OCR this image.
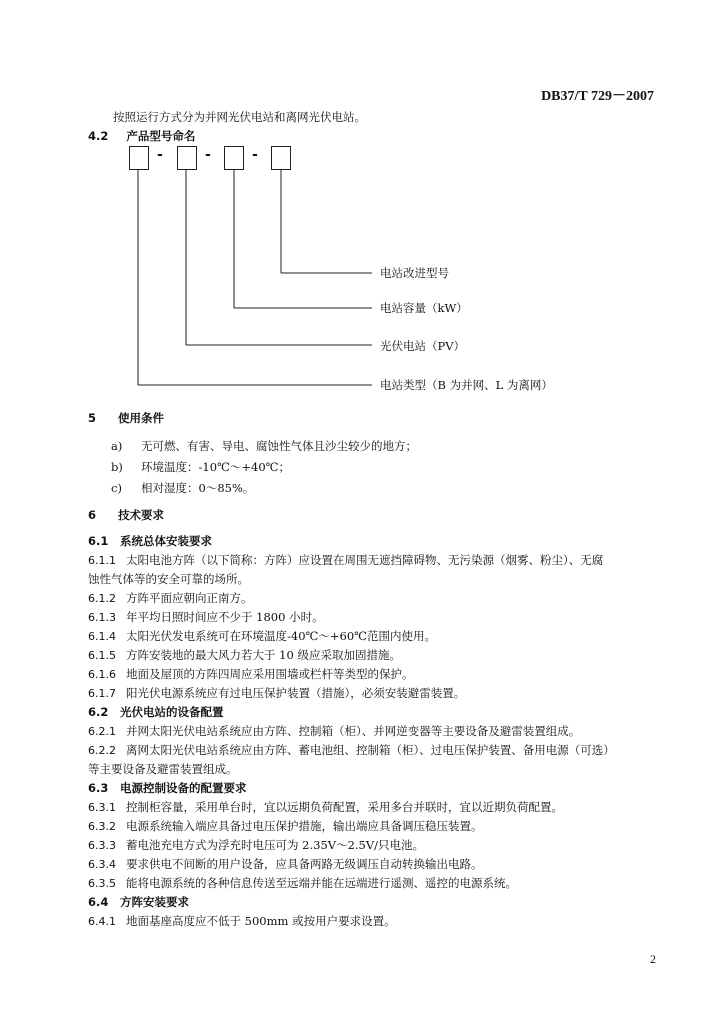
DB37/T 729－2007
按照运行方式分为并网光伏电站和离网光伏电站。
4.2 产品型号命名
-	-	-
电站改进型号
电站容量（kW）
光伏电站（PV）
电站类型（B 为并网、L 为离网）
5 使用条件
a) 无可燃、有害、导电、腐蚀性气体且沙尘较少的地方；
b) 环境温度：-10℃～+40℃；
c) 相对湿度：0～85%。
6 技术要求
6.1 系统总体安装要求
6.1.1 太阳电池方阵（以下简称：方阵）应设置在周围无遮挡障碍物、无污染源（烟雾、粉尘）、无腐
蚀性气体等的安全可靠的场所。
6.1.2 方阵平面应朝向正南方。
6.1.3 年平均日照时间应不少于 1800 小时。
6.1.4 太阳光伏发电系统可在环境温度-40℃～+60℃范围内使用。
6.1.5 方阵安装地的最大风力若大于 10 级应采取加固措施。
6.1.6 地面及屋顶的方阵四周应采用围墙或栏杆等类型的保护。
6.1.7 阳光伏电源系统应有过电压保护装置（措施），必须安装避雷装置。
6.2 光伏电站的设备配置
6.2.1 并网太阳光伏电站系统应由方阵、控制箱（柜）、并网逆变器等主要设备及避雷装置组成。
6.2.2 离网太阳光伏电站系统应由方阵、蓄电池组、控制箱（柜）、过电压保护装置、备用电源（可选）
等主要设备及避雷装置组成。
6.3 电源控制设备的配置要求
6.3.1 控制柜容量，采用单台时，宜以远期负荷配置，采用多台并联时，宜以近期负荷配置。
6.3.2 电源系统输入端应具备过电压保护措施，输出端应具备调压稳压装置。
6.3.3 蓄电池充电方式为浮充时电压可为 2.35V～2.5V/只电池。
6.3.4 要求供电不间断的用户设备，应具备两路无级调压自动转换输出电路。
6.3.5 能将电源系统的各种信息传送至远端并能在远端进行遥测、遥控的电源系统。
6.4 方阵安装要求
6.4.1 地面基座高度应不低于 500mm 或按用户要求设置。
2
